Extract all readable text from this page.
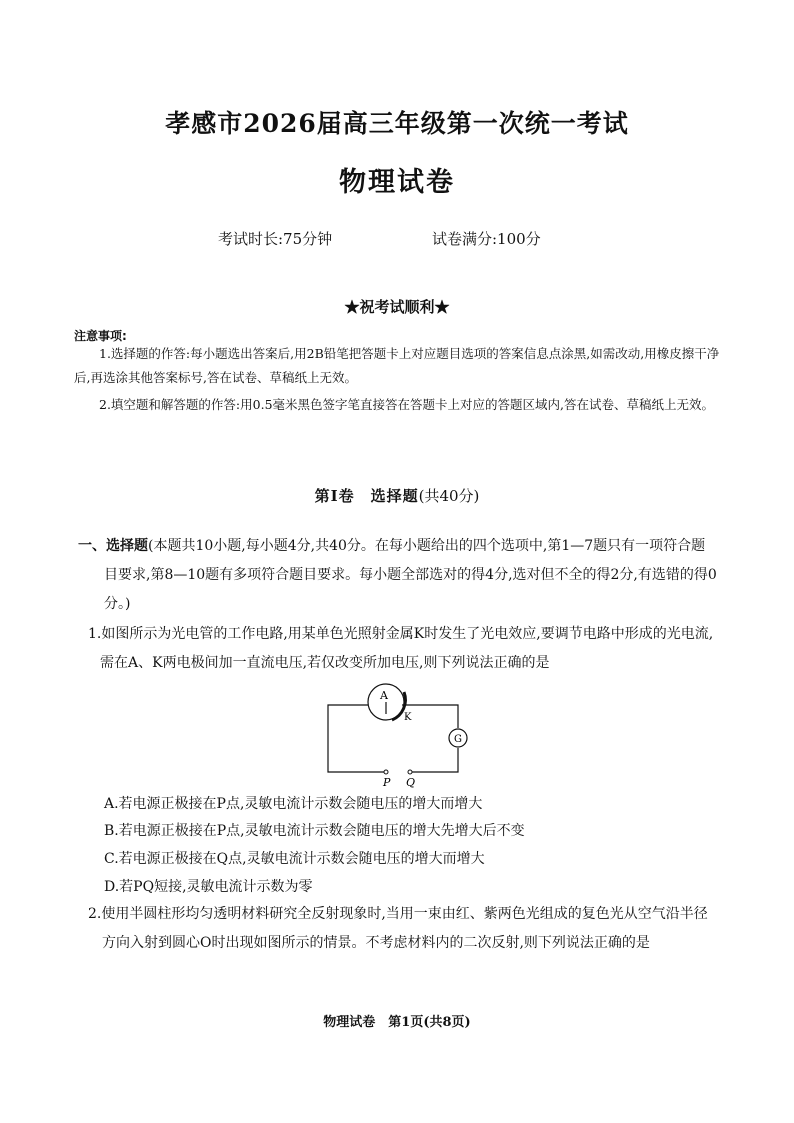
孝感市2026届高三年级第一次统一考试
物理试卷
考试时长:75分钟	试卷满分:100分
★祝考试顺利★
注意事项:
1.选择题的作答:每小题选出答案后,用2B铅笔把答题卡上对应题目选项的答案信息点涂黑,如需改动,用橡皮擦干净后,再选涂其他答案标号,答在试卷、草稿纸上无效。
2.填空题和解答题的作答:用0.5毫米黑色签字笔直接答在答题卡上对应的答题区域内,答在试卷、草稿纸上无效。
第Ⅰ卷　选择题(共40分)
一、选择题(本题共10小题,每小题4分,共40分。在每小题给出的四个选项中,第1—7题只有一项符合题目要求,第8—10题有多项符合题目要求。每小题全部选对的得4分,选对但不全的得2分,有选错的得0分。)
1.如图所示为光电管的工作电路,用某单色光照射金属K时发生了光电效应,要调节电路中形成的光电流,需在A、K两电极间加一直流电压,若仅改变所加电压,则下列说法正确的是
A
K
G
P Q
A.若电源正极接在P点,灵敏电流计示数会随电压的增大而增大
B.若电源正极接在P点,灵敏电流计示数会随电压的增大先增大后不变
C.若电源正极接在Q点,灵敏电流计示数会随电压的增大而增大
D.若PQ短接,灵敏电流计示数为零
2.使用半圆柱形均匀透明材料研究全反射现象时,当用一束由红、紫两色光组成的复色光从空气沿半径方向入射到圆心O时出现如图所示的情景。不考虑材料内的二次反射,则下列说法正确的是
物理试卷　第1页(共8页)
